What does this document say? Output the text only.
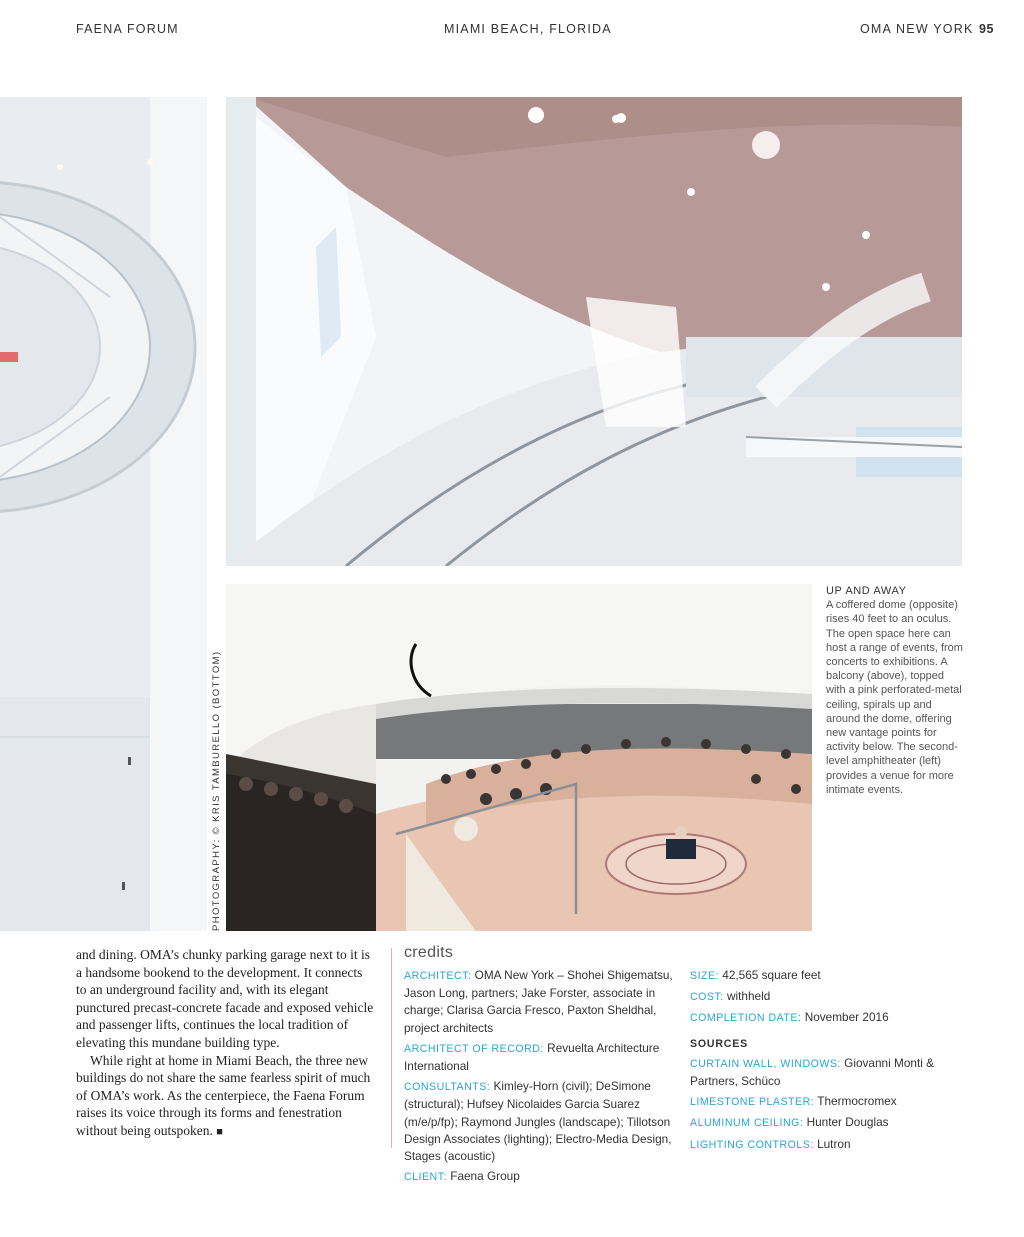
FAENA FORUM	MIAMI BEACH, FLORIDA	OMA NEW YORK 95
PHOTOGRAPHY: © KRIS TAMBURELLO (BOTTOM)
UP AND AWAY
A coffered dome (opposite) rises 40 feet to an oculus. The open space here can host a range of events, from concerts to exhibitions. A balcony (above), topped with a pink perforated-metal ceiling, spirals up and around the dome, offering new vantage points for activity below. The second-level amphitheater (left) provides a venue for more intimate events.

and dining. OMA’s chunky parking garage next to it is a handsome bookend to the development. It connects to an underground facility and, with its elegant punctured precast-concrete facade and exposed vehicle and passenger lifts, continues the local tradition of elevating this mundane building type.

While right at home in Miami Beach, the three new buildings do not share the same fearless spirit of much of OMA’s work. As the centerpiece, the Faena Forum raises its voice through its forms and fenestration without being outspoken. ■

credits
ARCHITECT: OMA New York – Shohei Shigematsu, Jason Long, partners; Jake Forster, associate in charge; Clarisa Garcia Fresco, Paxton Sheldhal, project architects
ARCHITECT OF RECORD: Revuelta Architecture International
CONSULTANTS: Kimley-Horn (civil); DeSimone (structural); Hufsey Nicolaides Garcia Suarez (m/e/p/fp); Raymond Jungles (landscape); Tillotson Design Associates (lighting); Electro-Media Design, Stages (acoustic)
CLIENT: Faena Group
SIZE: 42,565 square feet
COST: withheld
COMPLETION DATE: November 2016
SOURCES
CURTAIN WALL, WINDOWS: Giovanni Monti & Partners, Schüco
LIMESTONE PLASTER: Thermocromex
ALUMINUM CEILING: Hunter Douglas
LIGHTING CONTROLS: Lutron
